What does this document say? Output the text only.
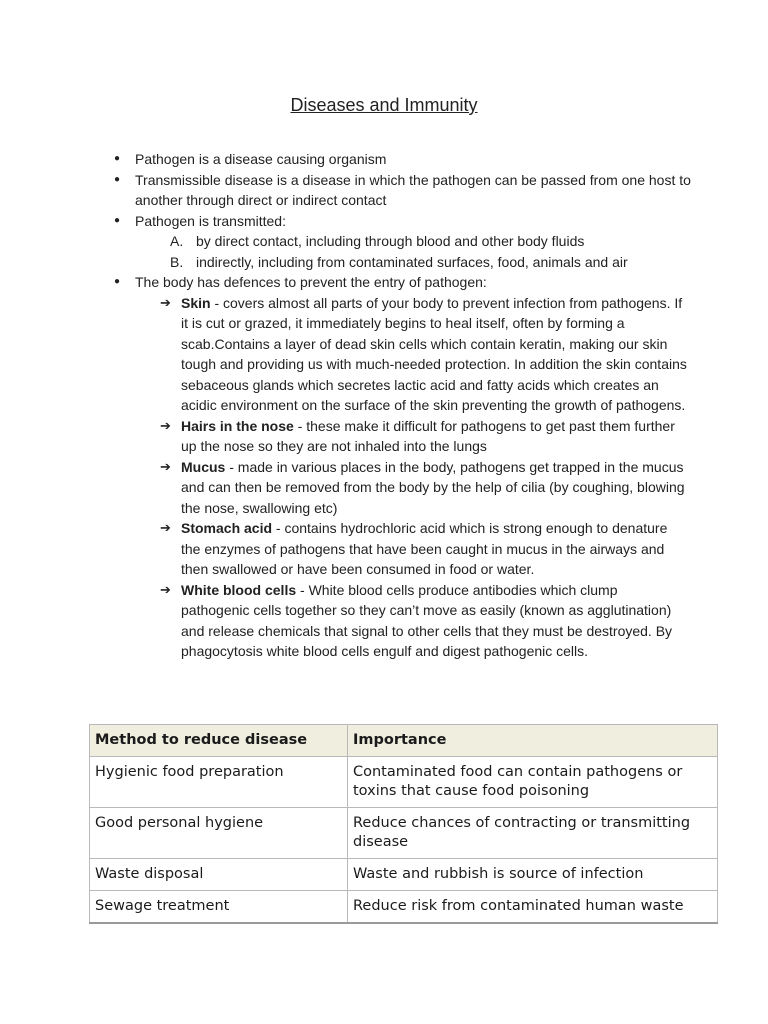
Diseases and Immunity
● Pathogen is a disease causing organism
● Transmissible disease is a disease in which the pathogen can be passed from one host to another through direct or indirect contact
● Pathogen is transmitted:
A. by direct contact, including through blood and other body fluids
B. indirectly, including from contaminated surfaces, food, animals and air
● The body has defences to prevent the entry of pathogen:
➔ Skin - covers almost all parts of your body to prevent infection from pathogens. If it is cut or grazed, it immediately begins to heal itself, often by forming a scab.Contains a layer of dead skin cells which contain keratin, making our skin tough and providing us with much-needed protection. In addition the skin contains sebaceous glands which secretes lactic acid and fatty acids which creates an acidic environment on the surface of the skin preventing the growth of pathogens.
➔ Hairs in the nose - these make it difficult for pathogens to get past them further up the nose so they are not inhaled into the lungs
➔ Mucus - made in various places in the body, pathogens get trapped in the mucus and can then be removed from the body by the help of cilia (by coughing, blowing the nose, swallowing etc)
➔ Stomach acid - contains hydrochloric acid which is strong enough to denature the enzymes of pathogens that have been caught in mucus in the airways and then swallowed or have been consumed in food or water.
➔ White blood cells - White blood cells produce antibodies which clump pathogenic cells together so they can’t move as easily (known as agglutination) and release chemicals that signal to other cells that they must be destroyed. By phagocytosis white blood cells engulf and digest pathogenic cells.
Method to reduce disease	Importance
Hygienic food preparation	Contaminated food can contain pathogens or toxins that cause food poisoning
Good personal hygiene	Reduce chances of contracting or transmitting disease
Waste disposal	Waste and rubbish is source of infection
Sewage treatment	Reduce risk from contaminated human waste
